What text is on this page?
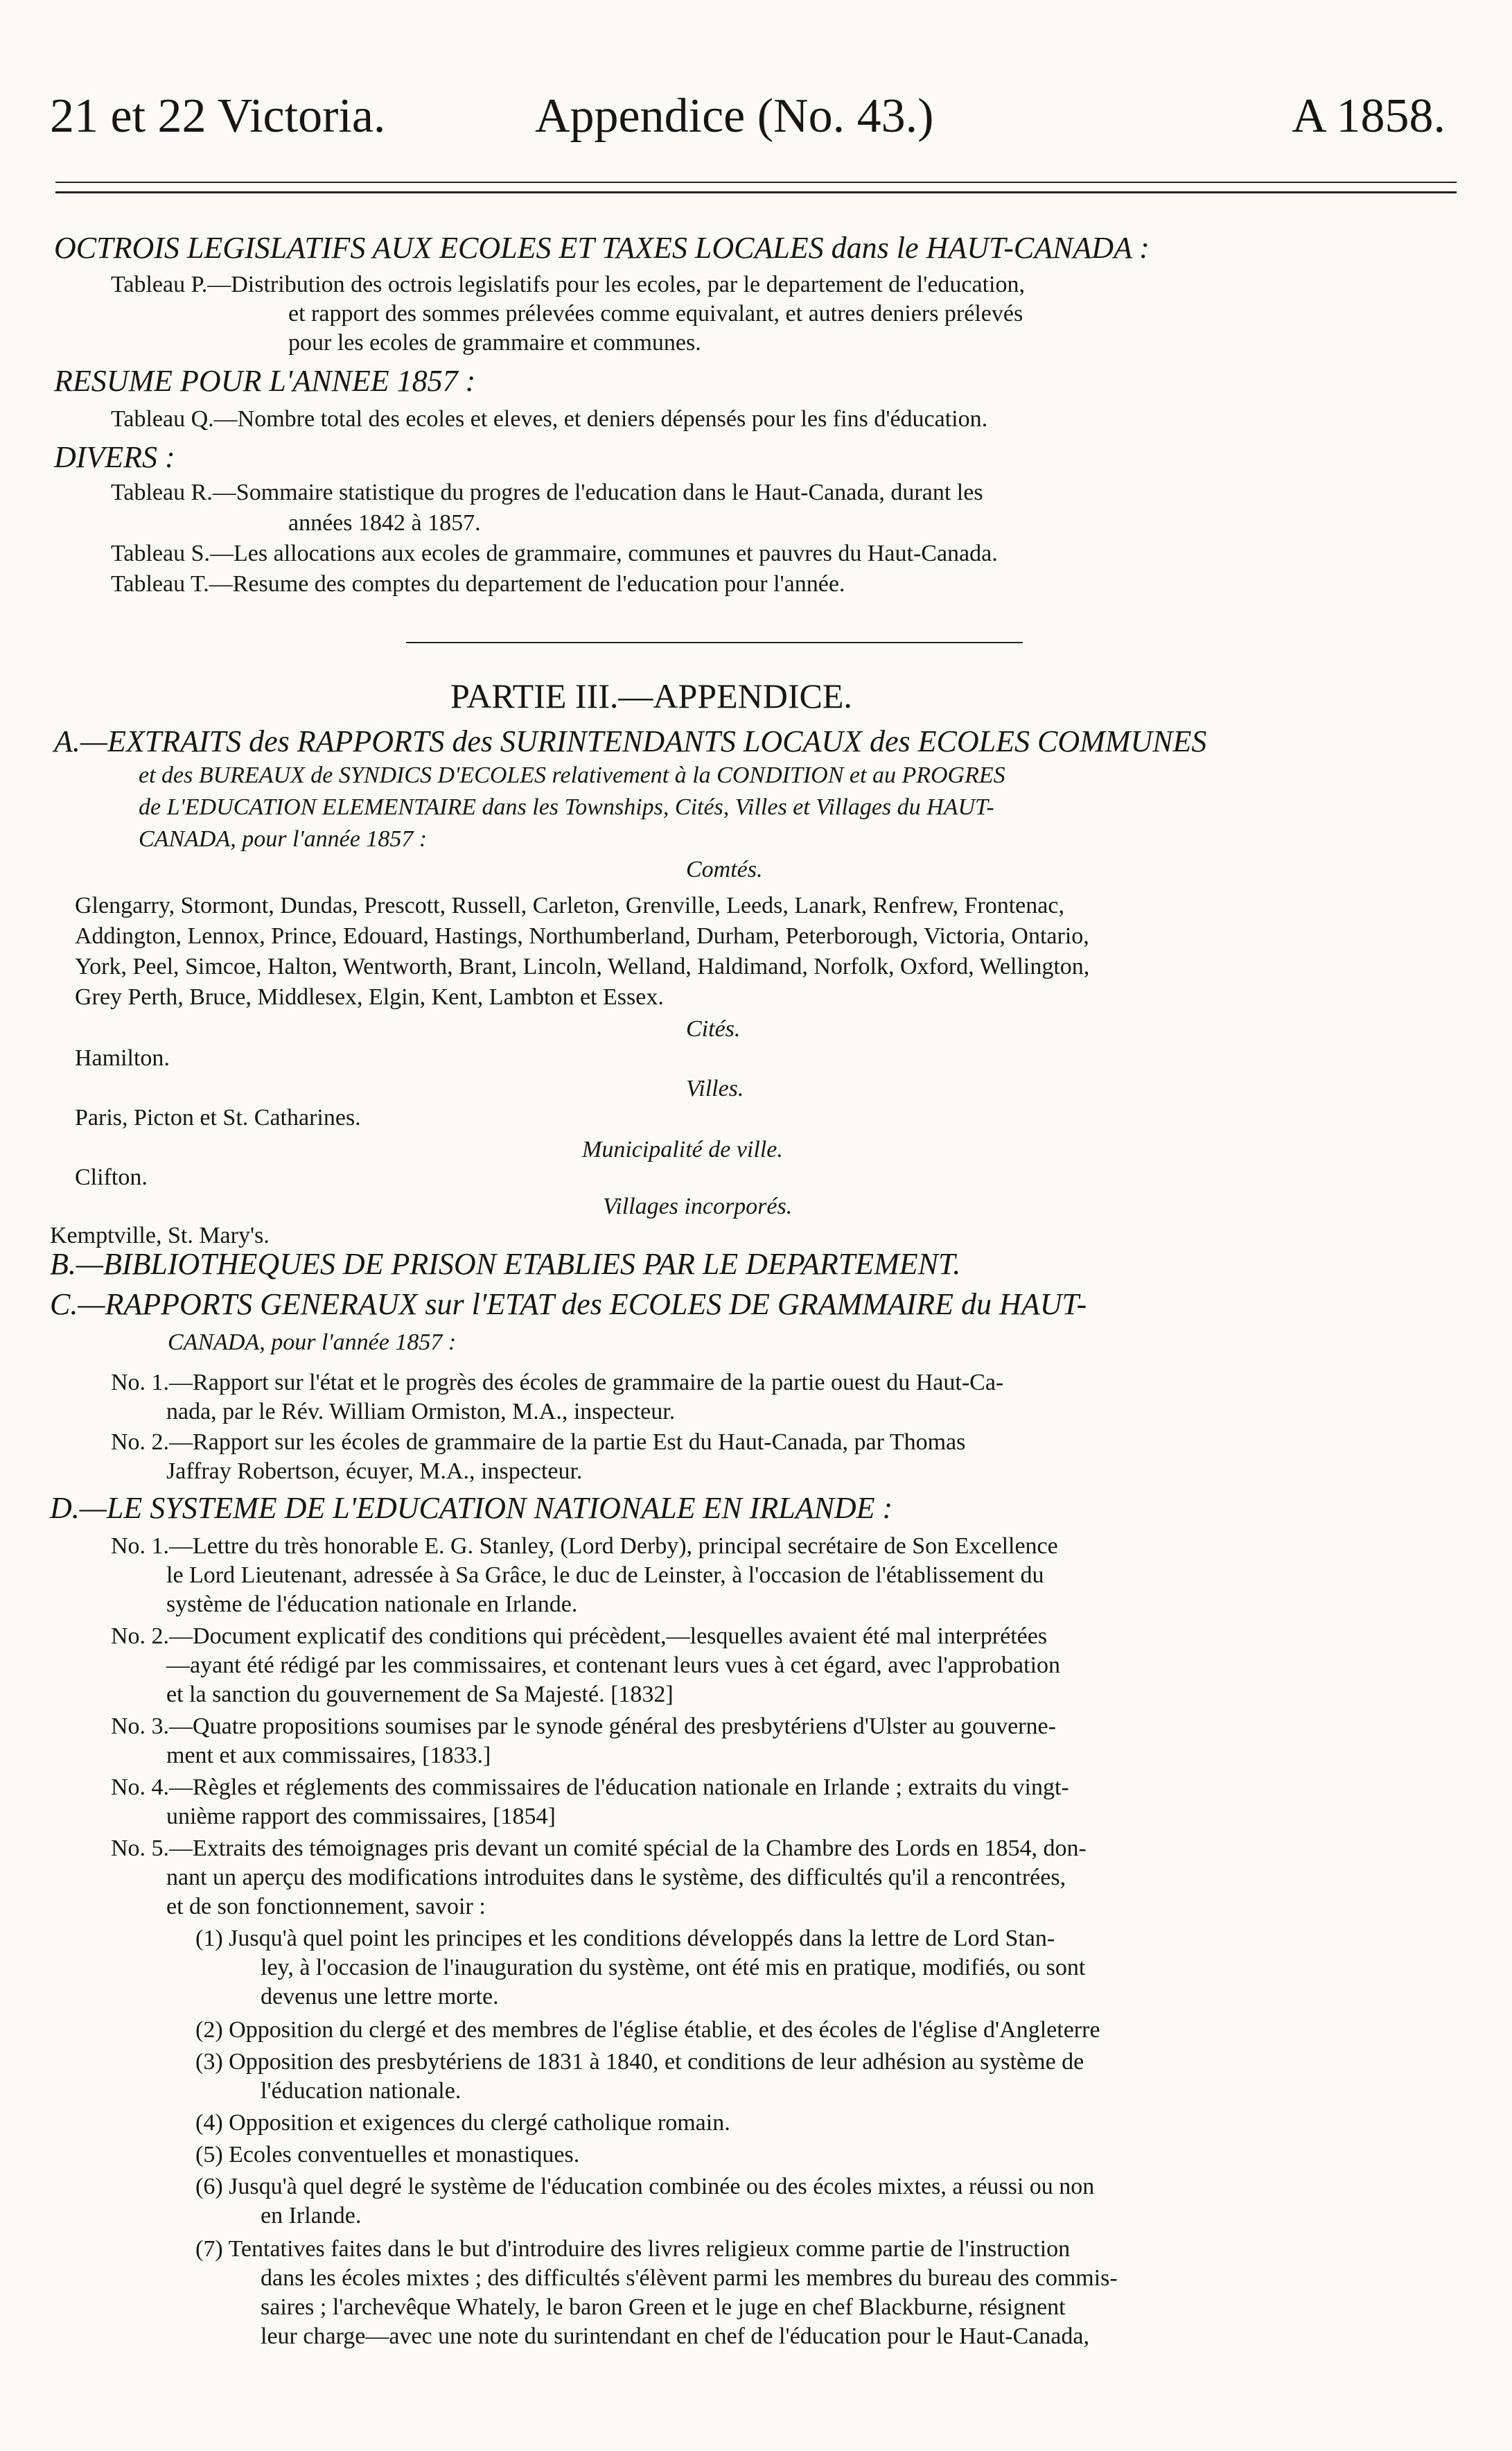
21 et 22 Victoria.	Appendice (No. 43.)	A 1858.
OCTROIS LEGISLATIFS AUX ECOLES ET TAXES LOCALES dans le HAUT-CANADA :
Tableau P.—Distribution des octrois legislatifs pour les ecoles, par le departement de l'education,
et rapport des sommes prélevées comme equivalant, et autres deniers prélevés
pour les ecoles de grammaire et communes.
RESUME POUR L'ANNEE 1857 :
Tableau Q.—Nombre total des ecoles et eleves, et deniers dépensés pour les fins d'éducation.
DIVERS :
Tableau R.—Sommaire statistique du progres de l'education dans le Haut-Canada, durant les
années 1842 à 1857.
Tableau S.—Les allocations aux ecoles de grammaire, communes et pauvres du Haut-Canada.
Tableau T.—Resume des comptes du departement de l'education pour l'année.
PARTIE III.—APPENDICE.
A.—EXTRAITS des RAPPORTS des SURINTENDANTS LOCAUX des ECOLES COMMUNES
et des BUREAUX de SYNDICS D'ECOLES relativement à la CONDITION et au PROGRES
de L'EDUCATION ELEMENTAIRE dans les Townships, Cités, Villes et Villages du HAUT-
CANADA, pour l'année 1857 :
Comtés.
Glengarry, Stormont, Dundas, Prescott, Russell, Carleton, Grenville, Leeds, Lanark, Renfrew, Frontenac,
Addington, Lennox, Prince, Edouard, Hastings, Northumberland, Durham, Peterborough, Victoria, Ontario,
York, Peel, Simcoe, Halton, Wentworth, Brant, Lincoln, Welland, Haldimand, Norfolk, Oxford, Wellington,
Grey Perth, Bruce, Middlesex, Elgin, Kent, Lambton et Essex.
Cités.
Hamilton.
Villes.
Paris, Picton et St. Catharines.
Municipalité de ville.
Clifton.
Villages incorporés.
Kemptville, St. Mary's.
B.—BIBLIOTHEQUES DE PRISON ETABLIES PAR LE DEPARTEMENT.
C.—RAPPORTS GENERAUX sur l'ETAT des ECOLES DE GRAMMAIRE du HAUT-
CANADA, pour l'année 1857 :
No. 1.—Rapport sur l'état et le progrès des écoles de grammaire de la partie ouest du Haut-Ca-
nada, par le Rév. William Ormiston, M.A., inspecteur.
No. 2.—Rapport sur les écoles de grammaire de la partie Est du Haut-Canada, par Thomas
Jaffray Robertson, écuyer, M.A., inspecteur.
D.—LE SYSTEME DE L'EDUCATION NATIONALE EN IRLANDE :
No. 1.—Lettre du très honorable E. G. Stanley, (Lord Derby), principal secrétaire de Son Excellence
le Lord Lieutenant, adressée à Sa Grâce, le duc de Leinster, à l'occasion de l'établissement du
système de l'éducation nationale en Irlande.
No. 2.—Document explicatif des conditions qui précèdent,—lesquelles avaient été mal interprétées
—ayant été rédigé par les commissaires, et contenant leurs vues à cet égard, avec l'approbation
et la sanction du gouvernement de Sa Majesté. [1832]
No. 3.—Quatre propositions soumises par le synode général des presbytériens d'Ulster au gouverne-
ment et aux commissaires, [1833.]
No. 4.—Règles et réglements des commissaires de l'éducation nationale en Irlande ; extraits du vingt-
unième rapport des commissaires, [1854]
No. 5.—Extraits des témoignages pris devant un comité spécial de la Chambre des Lords en 1854, don-
nant un aperçu des modifications introduites dans le système, des difficultés qu'il a rencontrées,
et de son fonctionnement, savoir :
(1) Jusqu'à quel point les principes et les conditions développés dans la lettre de Lord Stan-
ley, à l'occasion de l'inauguration du système, ont été mis en pratique, modifiés, ou sont
devenus une lettre morte.
(2) Opposition du clergé et des membres de l'église établie, et des écoles de l'église d'Angleterre
(3) Opposition des presbytériens de 1831 à 1840, et conditions de leur adhésion au système de
l'éducation nationale.
(4) Opposition et exigences du clergé catholique romain.
(5) Ecoles conventuelles et monastiques.
(6) Jusqu'à quel degré le système de l'éducation combinée ou des écoles mixtes, a réussi ou non
en Irlande.
(7) Tentatives faites dans le but d'introduire des livres religieux comme partie de l'instruction
dans les écoles mixtes ; des difficultés s'élèvent parmi les membres du bureau des commis-
saires ; l'archevêque Whately, le baron Green et le juge en chef Blackburne, résignent
leur charge—avec une note du surintendant en chef de l'éducation pour le Haut-Canada,
